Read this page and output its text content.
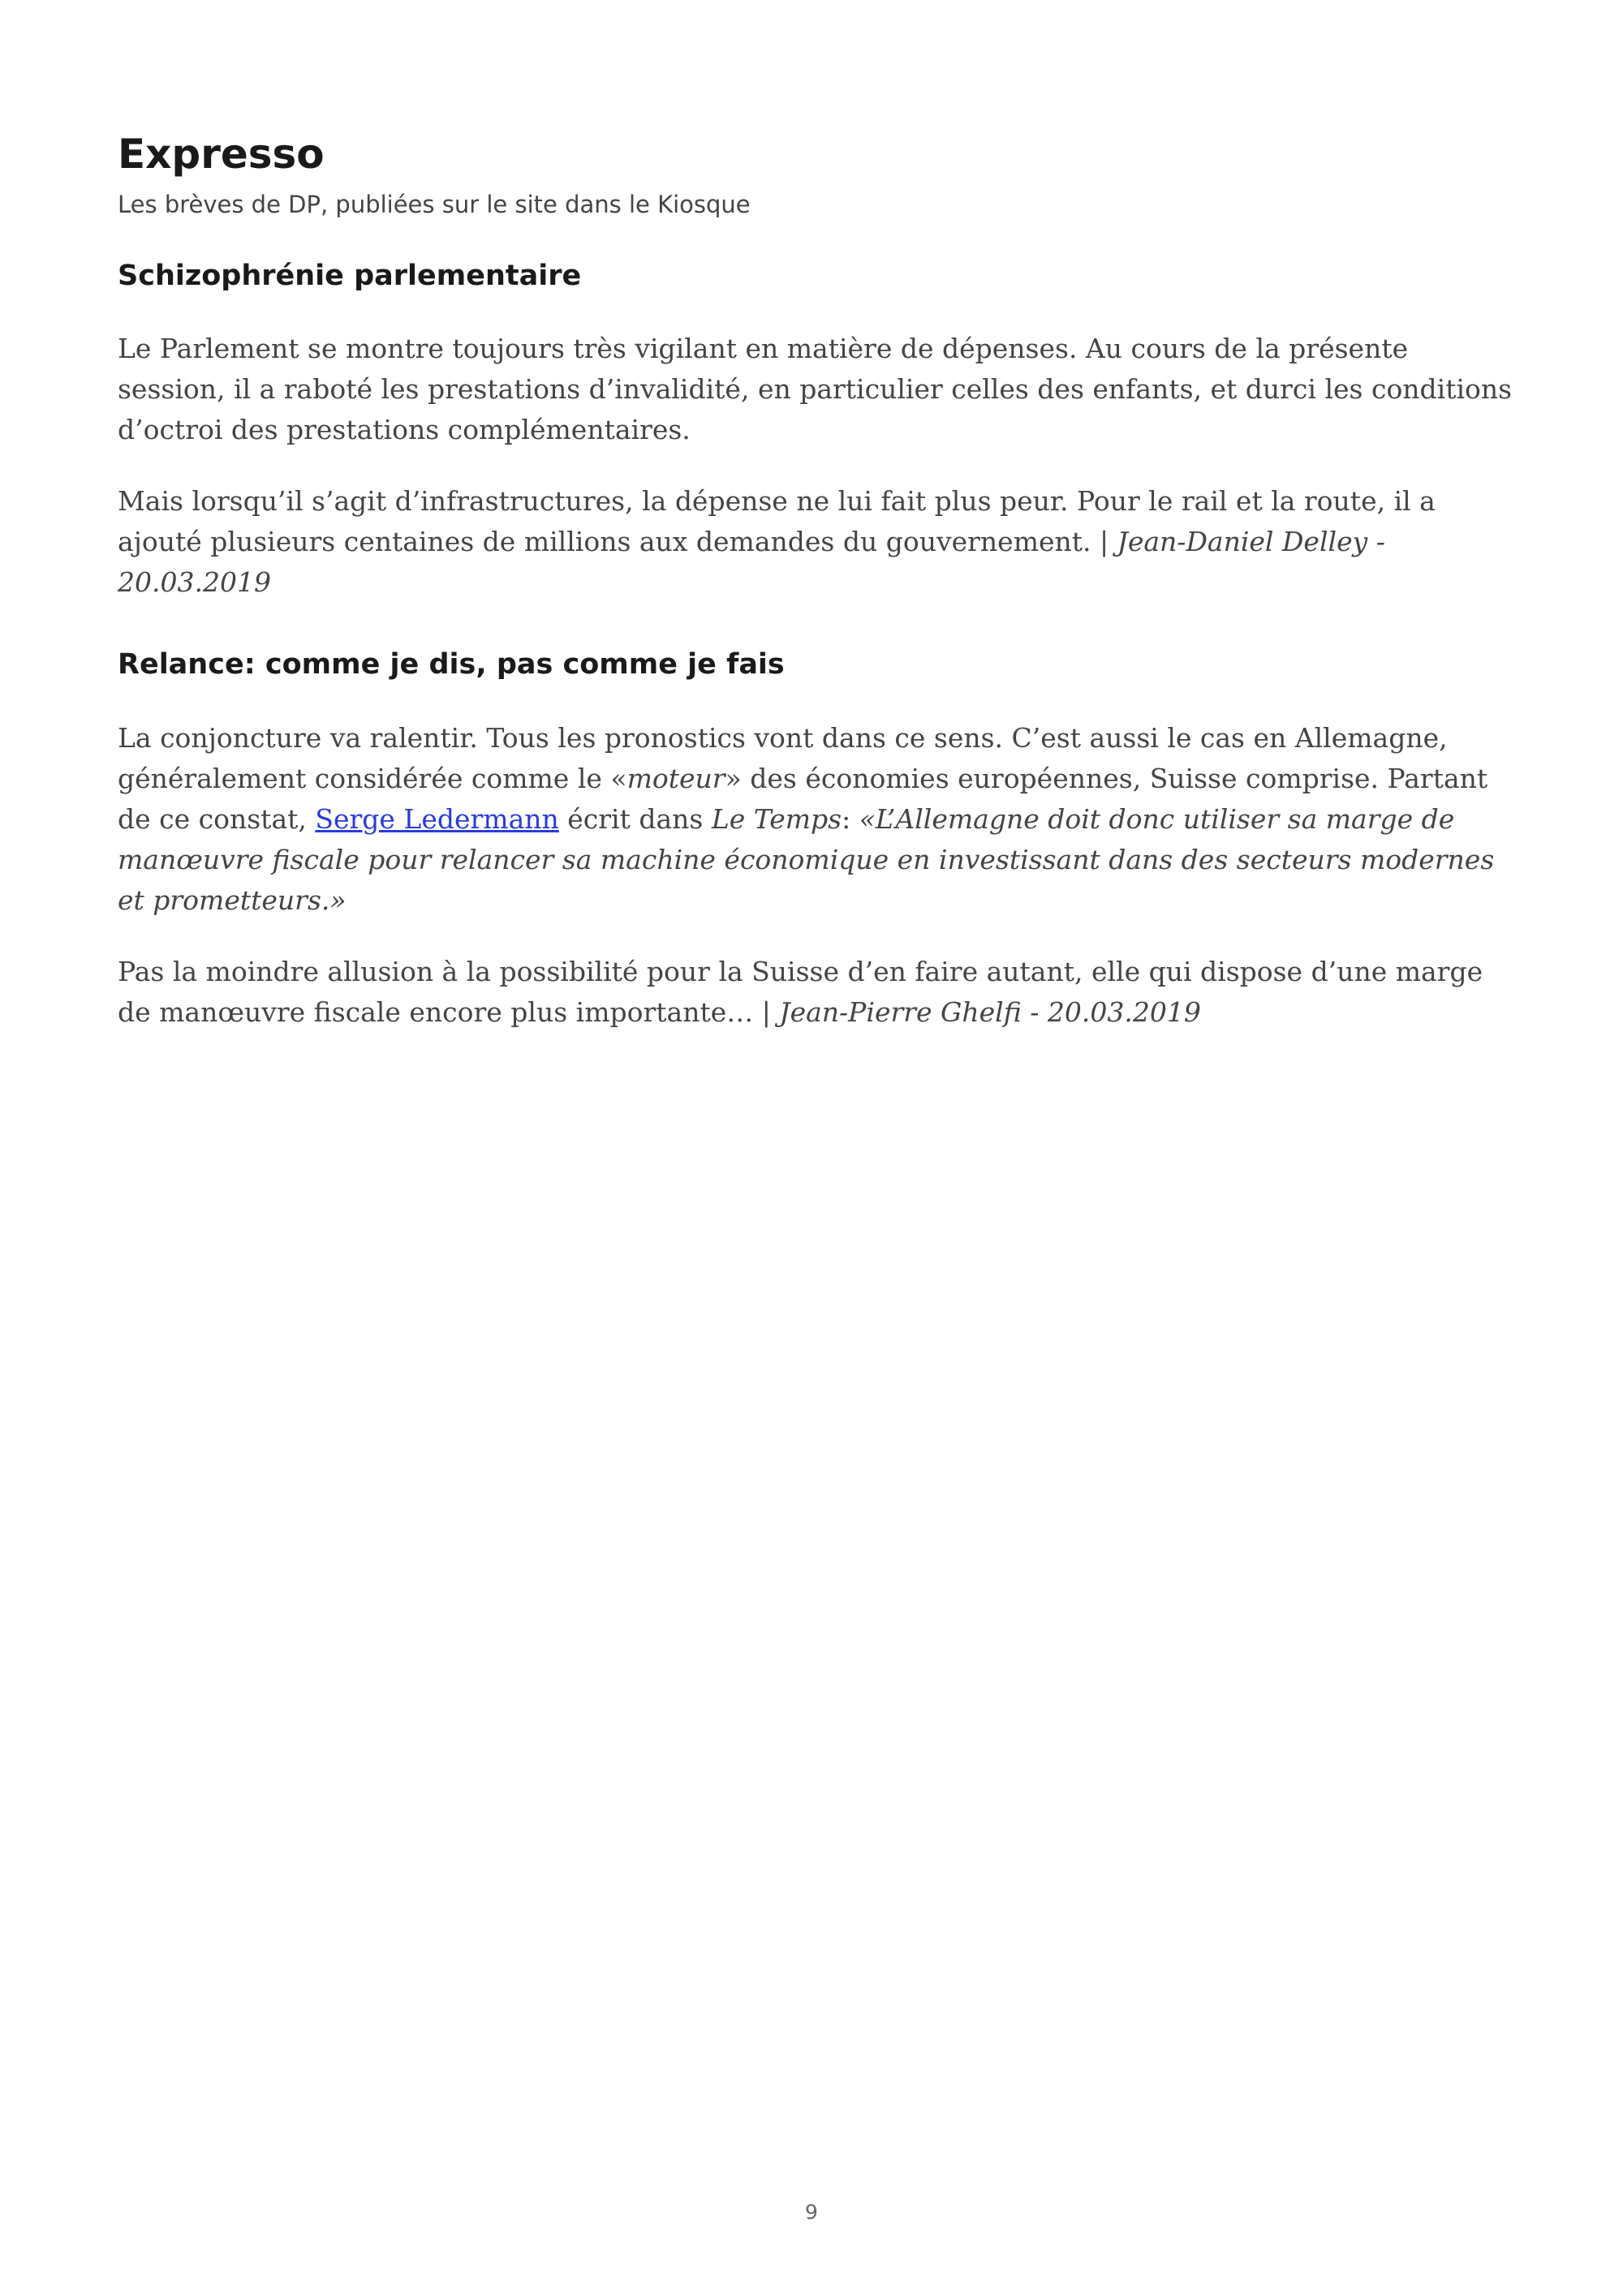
Expresso

Les brèves de DP, publiées sur le site dans le Kiosque

Schizophrénie parlementaire

Le Parlement se montre toujours très vigilant en matière de dépenses. Au cours de la présente session, il a raboté les prestations d’invalidité, en particulier celles des enfants, et durci les conditions d’octroi des prestations complémentaires.

Mais lorsqu’il s’agit d’infrastructures, la dépense ne lui fait plus peur. Pour le rail et la route, il a ajouté plusieurs centaines de millions aux demandes du gouvernement. | Jean-Daniel Delley - 20.03.2019

Relance: comme je dis, pas comme je fais

La conjoncture va ralentir. Tous les pronostics vont dans ce sens. C’est aussi le cas en Allemagne, généralement considérée comme le «moteur» des économies européennes, Suisse comprise. Partant de ce constat, Serge Ledermann écrit dans Le Temps: «L’Allemagne doit donc utiliser sa marge de manœuvre fiscale pour relancer sa machine économique en investissant dans des secteurs modernes et prometteurs.»

Pas la moindre allusion à la possibilité pour la Suisse d’en faire autant, elle qui dispose d’une marge de manœuvre fiscale encore plus importante… | Jean-Pierre Ghelfi - 20.03.2019

9
